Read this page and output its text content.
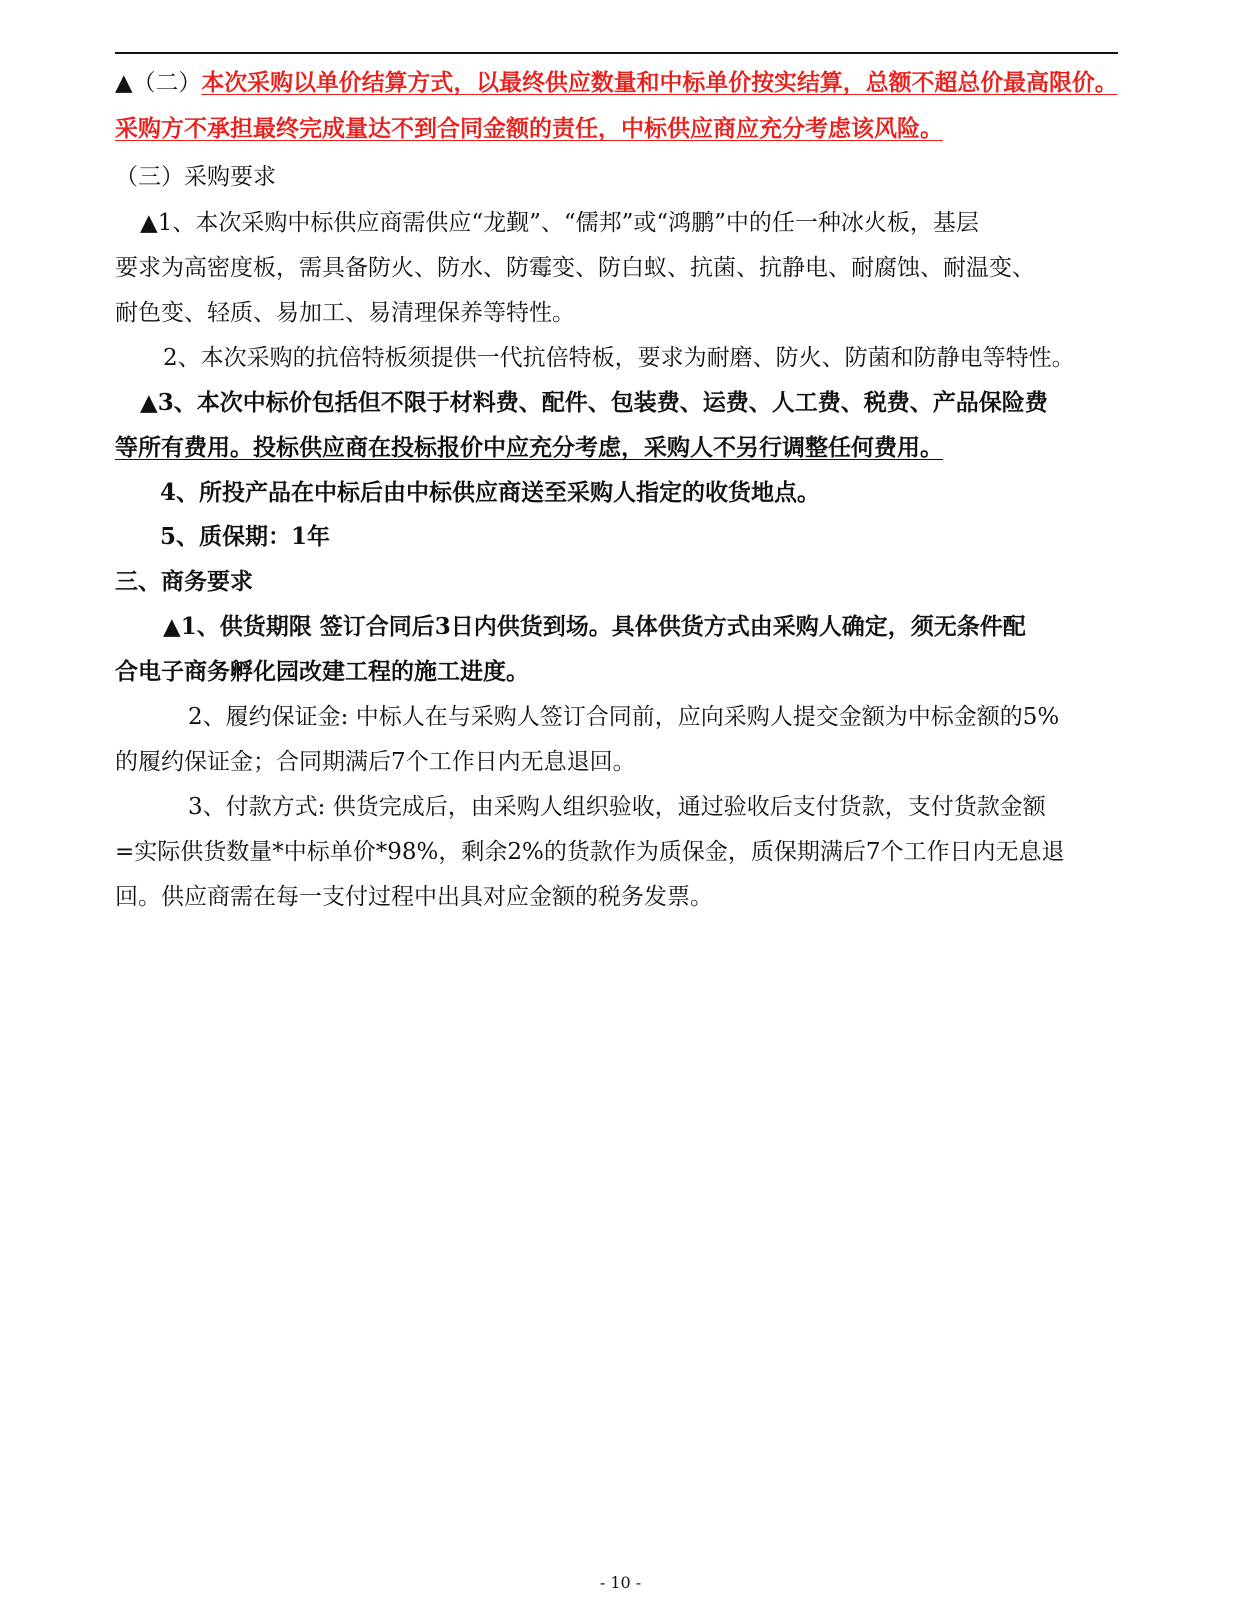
▲（二）本次采购以单价结算方式，以最终供应数量和中标单价按实结算，总额不超总价最高限价。
采购方不承担最终完成量达不到合同金额的责任，中标供应商应充分考虑该风险。
（三）采购要求
▲1、本次采购中标供应商需供应“龙觐”、“儒邦”或“鸿鹏”中的任一种冰火板，基层
要求为高密度板，需具备防火、防水、防霉变、防白蚁、抗菌、抗静电、耐腐蚀、耐温变、
耐色变、轻质、易加工、易清理保养等特性。
2、本次采购的抗倍特板须提供一代抗倍特板，要求为耐磨、防火、防菌和防静电等特性。
▲3、本次中标价包括但不限于材料费、配件、包装费、运费、人工费、税费、产品保险费
等所有费用。投标供应商在投标报价中应充分考虑，采购人不另行调整任何费用。
4、所投产品在中标后由中标供应商送至采购人指定的收货地点。
5、质保期：1年
三、商务要求
▲1、供货期限 签订合同后3日内供货到场。具体供货方式由采购人确定，须无条件配
合电子商务孵化园改建工程的施工进度。
2、履约保证金: 中标人在与采购人签订合同前，应向采购人提交金额为中标金额的5%
的履约保证金；合同期满后7个工作日内无息退回。
3、付款方式: 供货完成后，由采购人组织验收，通过验收后支付货款，支付货款金额
=实际供货数量*中标单价*98%，剩余2%的货款作为质保金，质保期满后7个工作日内无息退
回。供应商需在每一支付过程中出具对应金额的税务发票。
- 10 -
